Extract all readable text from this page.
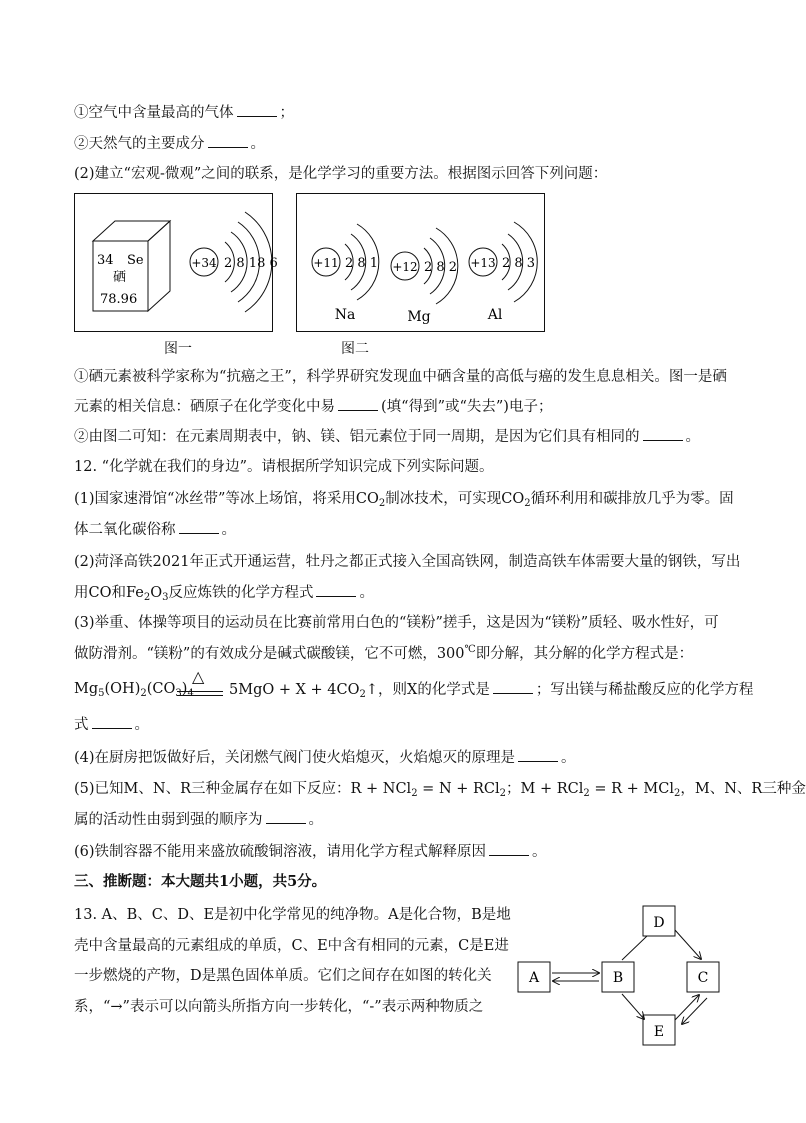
①空气中含量最高的气体	；
②天然气的主要成分	。
(2)建立“宏观-微观”之间的联系，是化学学习的重要方法。根据图示回答下列问题：
34 Se
硒
78.96
+34 2 8 18 6
图一
+11 2 8 1
Na
+12 2 8 2
Mg
+13 2 8 3
Al
图二
①硒元素被科学家称为“抗癌之王”，科学界研究发现血中硒含量的高低与癌的发生息息相关。图一是硒
元素的相关信息：硒原子在化学变化中易	(填“得到”或“失去”)电子；
②由图二可知：在元素周期表中，钠、镁、铝元素位于同一周期，是因为它们具有相同的	。
12. “化学就在我们的身边”。请根据所学知识完成下列实际问题。
(1)国家速滑馆“冰丝带”等冰上场馆，将采用$CO_2$制冰技术，可实现$CO_2$循环利用和碳排放几乎为零。固
体二氧化碳俗称	。
(2)菏泽高铁2021年正式开通运营，牡丹之都正式接入全国高铁网，制造高铁车体需要大量的钢铁，写出
用CO和$Fe_2O_3$反应炼铁的化学方程式	。
(3)举重、体操等项目的运动员在比赛前常用白色的“镁粉”搓手，这是因为“镁粉”质轻、吸水性好，可
做防滑剂。“镁粉”的有效成分是碱式碳酸镁，它不可燃，300℃即分解，其分解的化学方程式是：
$Mg_5(OH)_2(CO_3)_4$
△
$5MgO + X + 4CO_2↑$，则X的化学式是	；写出镁与稀盐酸反应的化学方程
式	。
(4)在厨房把饭做好后，关闭燃气阀门使火焰熄灭，火焰熄灭的原理是	。
(5)已知M、N、R三种金属存在如下反应：R + NCl$_2$ = N + RCl$_2$；M + RCl$_2$ = R + MCl$_2$，M、N、R三种金
属的活动性由弱到强的顺序为	。
(6)铁制容器不能用来盛放硫酸铜溶液，请用化学方程式解释原因	。
三、推断题：本大题共1小题，共5分。
13. A、B、C、D、E是初中化学常见的纯净物。A是化合物，B是地
壳中含量最高的元素组成的单质，C、E中含有相同的元素，C是E进
一步燃烧的产物，D是黑色固体单质。它们之间存在如图的转化关
系，“→”表示可以向箭头所指方向一步转化，“-”表示两种物质之
D
A	B	C
E
